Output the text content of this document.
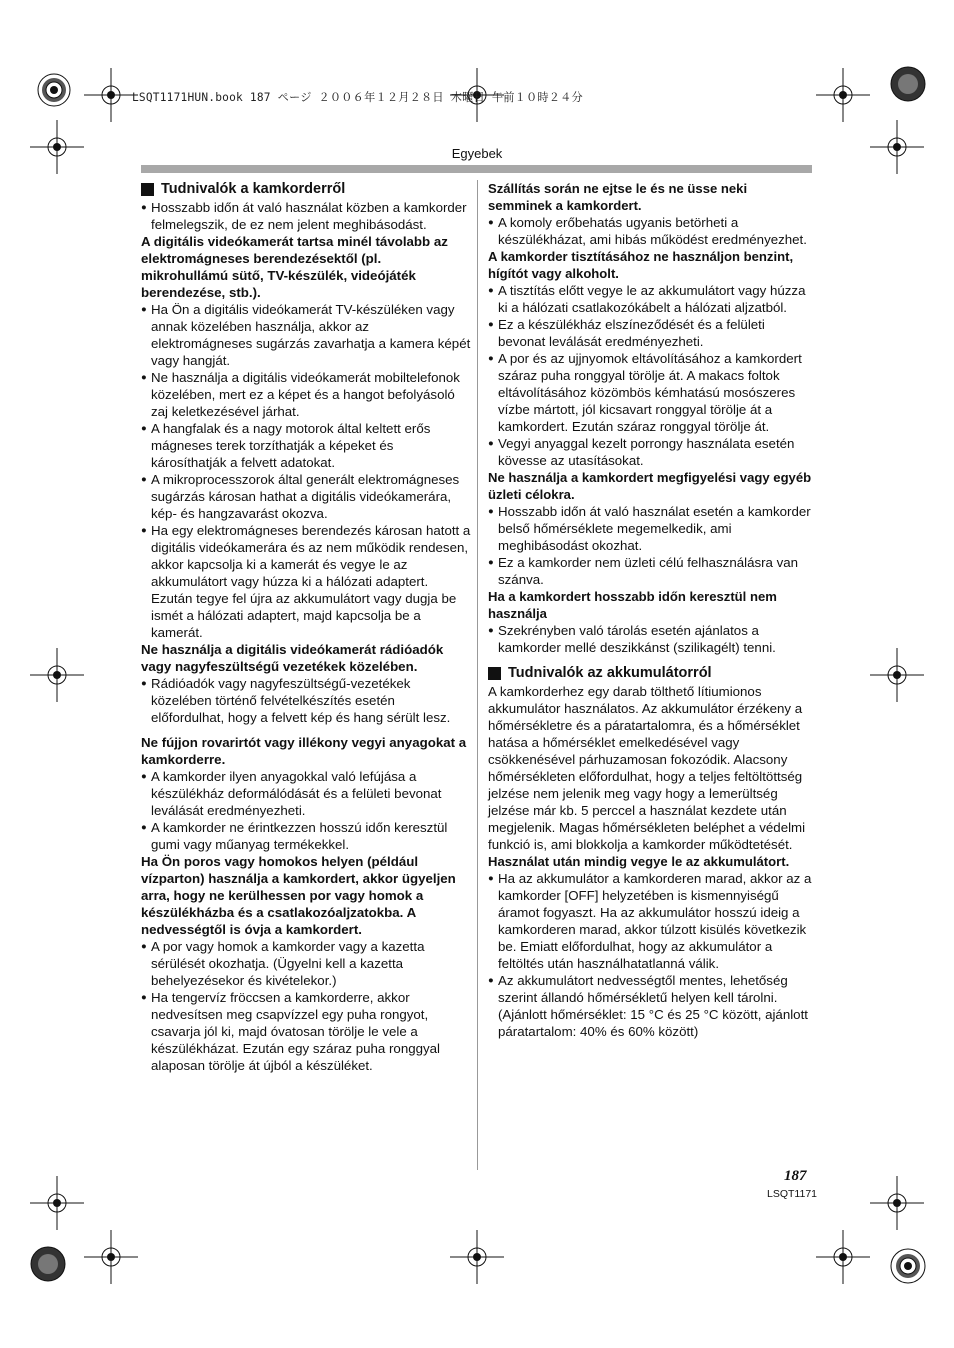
LSQT1171HUN.book 187 ページ ２００６年１２月２８日 木曜日 午前１０時２４分
Egyebek
Tudnivalók a kamkorderről
● Hosszabb időn át való használat közben a kamkorder felmelegszik, de ez nem jelent meghibásodást.

A digitális videókamerát tartsa minél távolabb az elektromágneses berendezésektől (pl. mikrohullámú sütő, TV-készülék, videójáték berendezése, stb.).

● Ha Ön a digitális videókamerát TV-készüléken vagy annak közelében használja, akkor az elektromágneses sugárzás zavarhatja a kamera képét vagy hangját.
● Ne használja a digitális videókamerát mobiltelefonok közelében, mert ez a képet és a hangot befolyásoló zaj keletkezésével járhat.
● A hangfalak és a nagy motorok által keltett erős mágneses terek torzíthatják a képeket és károsíthatják a felvett adatokat.
● A mikroprocesszorok által generált elektromágneses sugárzás károsan hathat a digitális videókamerára, kép- és hangzavarást okozva.
● Ha egy elektromágneses berendezés károsan hatott a digitális videókamerára és az nem működik rendesen, akkor kapcsolja ki a kamerát és vegye le az akkumulátort vagy húzza ki a hálózati adaptert. Ezután tegye fel újra az akkumulátort vagy dugja be ismét a hálózati adaptert, majd kapcsolja be a kamerát.

Ne használja a digitális videókamerát rádióadók vagy nagyfeszültségű vezetékek közelében.

● Rádióadók vagy nagyfeszültségű-vezetékek közelében történő felvételkészítés esetén előfordulhat, hogy a felvett kép és hang sérült lesz.

Ne fújjon rovarirtót vagy illékony vegyi anyagokat a kamkorderre.

● A kamkorder ilyen anyagokkal való lefújása a készülékház deformálódását és a felületi bevonat leválását eredményezheti.
● A kamkorder ne érintkezzen hosszú időn keresztül gumi vagy műanyag termékekkel.

Ha Ön poros vagy homokos helyen (például vízparton) használja a kamkordert, akkor ügyeljen arra, hogy ne kerülhessen por vagy homok a készülékházba és a csatlakozóaljzatokba. A nedvességtől is óvja a kamkordert.

● A por vagy homok a kamkorder vagy a kazetta sérülését okozhatja. (Ügyelni kell a kazetta behelyezésekor és kivételekor.)
● Ha tengervíz fröccsen a kamkorderre, akkor nedvesítsen meg csapvízzel egy puha rongyot, csavarja jól ki, majd óvatosan törölje le vele a készülékházat. Ezután egy száraz puha ronggyal alaposan törölje át újból a készüléket.

Szállítás során ne ejtse le és ne üsse neki semminek a kamkordert.

● A komoly erőbehatás ugyanis betörheti a készülékházat, ami hibás működést eredményezhet.

A kamkorder tisztításához ne használjon benzint, hígítót vagy alkoholt.

● A tisztítás előtt vegye le az akkumulátort vagy húzza ki a hálózati csatlakozókábelt a hálózati aljzatból.
● Ez a készülékház elszíneződését és a felületi bevonat leválását eredményezheti.
● A por és az ujjnyomok eltávolításához a kamkordert száraz puha ronggyal törölje át. A makacs foltok eltávolításához közömbös kémhatású mosószeres vízbe mártott, jól kicsavart ronggyal törölje át a kamkordert. Ezután száraz ronggyal törölje át.
● Vegyi anyaggal kezelt porrongy használata esetén kövesse az utasításokat.

Ne használja a kamkordert megfigyelési vagy egyéb üzleti célokra.

● Hosszabb időn át való használat esetén a kamkorder belső hőmérséklete megemelkedik, ami meghibásodást okozhat.
● Ez a kamkorder nem üzleti célú felhasználásra van szánva.

Ha a kamkordert hosszabb időn keresztül nem használja

● Szekrényben való tárolás esetén ajánlatos a kamkorder mellé deszikkánst (szilikagélt) tenni.
Tudnivalók az akkumulátorról

A kamkorderhez egy darab tölthető lítiumionos akkumulátor használatos. Az akkumulátor érzékeny a hőmérsékletre és a páratartalomra, és a hőmérséklet hatása a hőmérséklet emelkedésével vagy csökkenésével párhuzamosan fokozódik. Alacsony hőmérsékleten előfordulhat, hogy a teljes feltöltöttség jelzése nem jelenik meg vagy hogy a lemerültség jelzése már kb. 5 perccel a használat kezdete után megjelenik. Magas hőmérsékleten beléphet a védelmi funkció is, ami blokkolja a kamkorder működtetését.

Használat után mindig vegye le az akkumulátort.

● Ha az akkumulátor a kamkorderen marad, akkor az a kamkorder [OFF] helyzetében is kismennyiségű áramot fogyaszt. Ha az akkumulátor hosszú ideig a kamkorderen marad, akkor túlzott kisülés következik be. Emiatt előfordulhat, hogy az akkumulátor a feltöltés után használhatatlanná válik.
● Az akkumulátort nedvességtől mentes, lehetőség szerint állandó hőmérsékletű helyen kell tárolni. (Ajánlott hőmérséklet: 15 °C és 25 °C között, ajánlott páratartalom: 40% és 60% között)
187
LSQT1171
